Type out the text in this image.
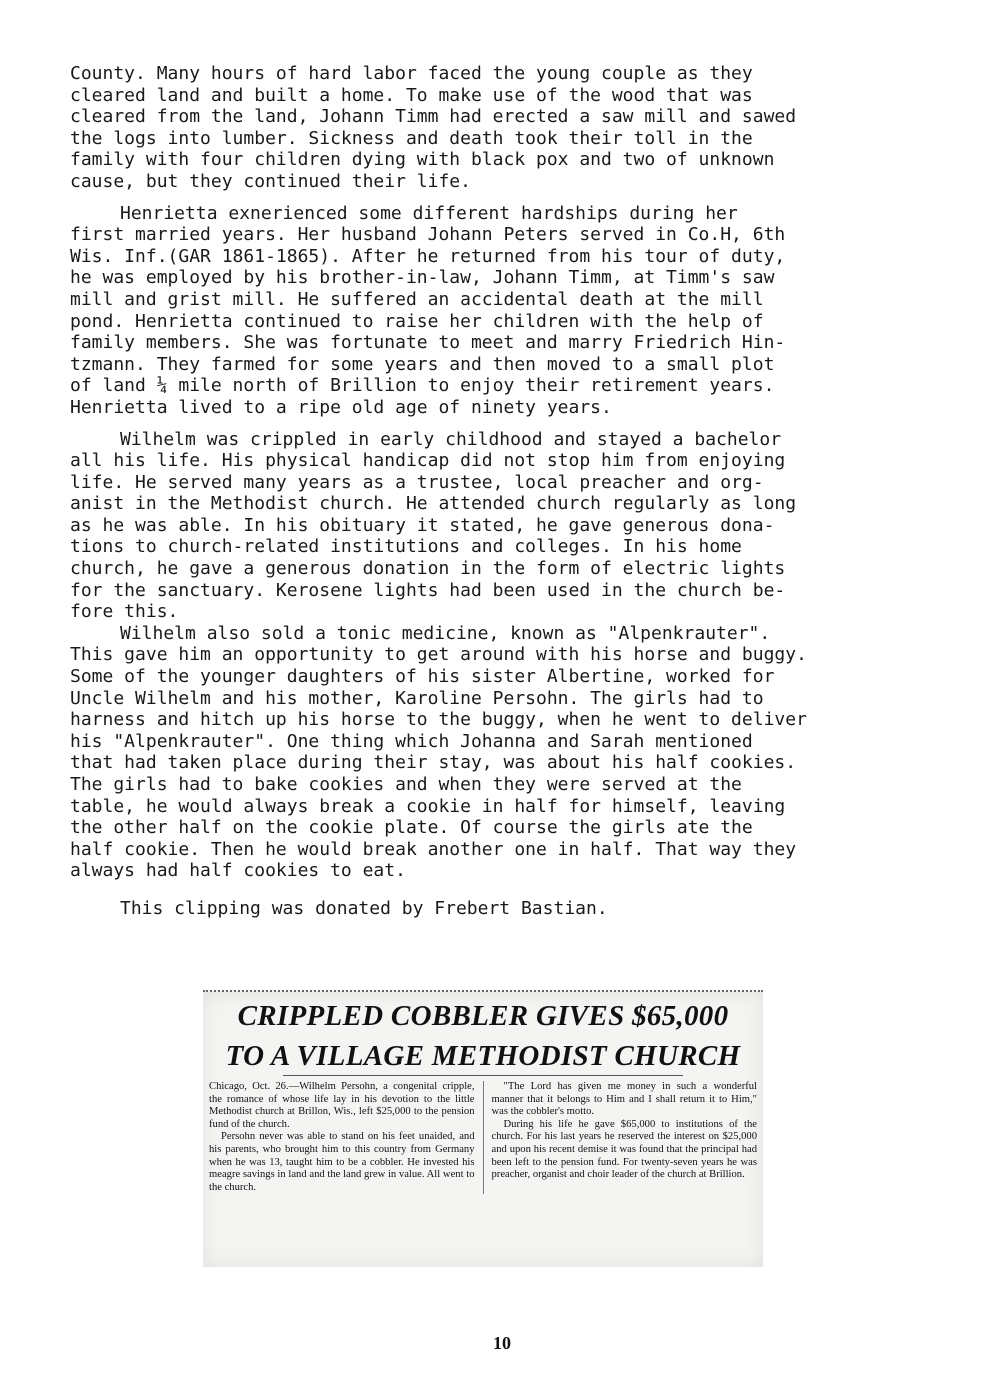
County. Many hours of hard labor faced the young couple as they
cleared land and built a home. To make use of the wood that was
cleared from the land, Johann Timm had erected a saw mill and sawed
the logs into lumber. Sickness and death took their toll in the
family with four children dying with black pox and two of unknown
cause, but they continued their life.
Henrietta exnerienced some different hardships during her
first married years. Her husband Johann Peters served in Co.H, 6th
Wis. Inf.(GAR 1861-1865). After he returned from his tour of duty,
he was employed by his brother-in-law, Johann Timm, at Timm's saw
mill and grist mill. He suffered an accidental death at the mill
pond. Henrietta continued to raise her children with the help of
family members. She was fortunate to meet and marry Friedrich Hin-
tzmann. They farmed for some years and then moved to a small plot
of land ¼ mile north of Brillion to enjoy their retirement years.
Henrietta lived to a ripe old age of ninety years.
Wilhelm was crippled in early childhood and stayed a bachelor
all his life. His physical handicap did not stop him from enjoying
life. He served many years as a trustee, local preacher and org-
anist in the Methodist church. He attended church regularly as long
as he was able. In his obituary it stated, he gave generous dona-
tions to church-related institutions and colleges. In his home
church, he gave a generous donation in the form of electric lights
for the sanctuary. Kerosene lights had been used in the church be-
fore this.
Wilhelm also sold a tonic medicine, known as "Alpenkrauter".
This gave him an opportunity to get around with his horse and buggy.
Some of the younger daughters of his sister Albertine, worked for
Uncle Wilhelm and his mother, Karoline Persohn. The girls had to
harness and hitch up his horse to the buggy, when he went to deliver
his "Alpenkrauter". One thing which Johanna and Sarah mentioned
that had taken place during their stay, was about his half cookies.
The girls had to bake cookies and when they were served at the
table, he would always break a cookie in half for himself, leaving
the other half on the cookie plate. Of course the girls ate the
half cookie. Then he would break another one in half. That way they
always had half cookies to eat.
This clipping was donated by Frebert Bastian.
CRIPPLED COBBLER GIVES $65,000
TO A VILLAGE METHODIST CHURCH

Chicago, Oct. 26.—Wilhelm Persohn, a congenital cripple, the romance of whose life lay in his devotion to the little Methodist church at Brillon, Wis., left $25,000 to the pension fund of the church.

Persohn never was able to stand on his feet unaided, and his parents, who brought him to this country from Germany when he was 13, taught him to be a cobbler. He invested his meagre savings in land and the land grew in value. All went to the church.

"The Lord has given me money in such a wonderful manner that it belongs to Him and I shall return it to Him," was the cobbler's motto.

During his life he gave $65,000 to institutions of the church. For his last years he reserved the interest on $25,000 and upon his recent demise it was found that the principal had been left to the pension fund. For twenty-seven years he was preacher, organist and choir leader of the church at Brillion.

10
